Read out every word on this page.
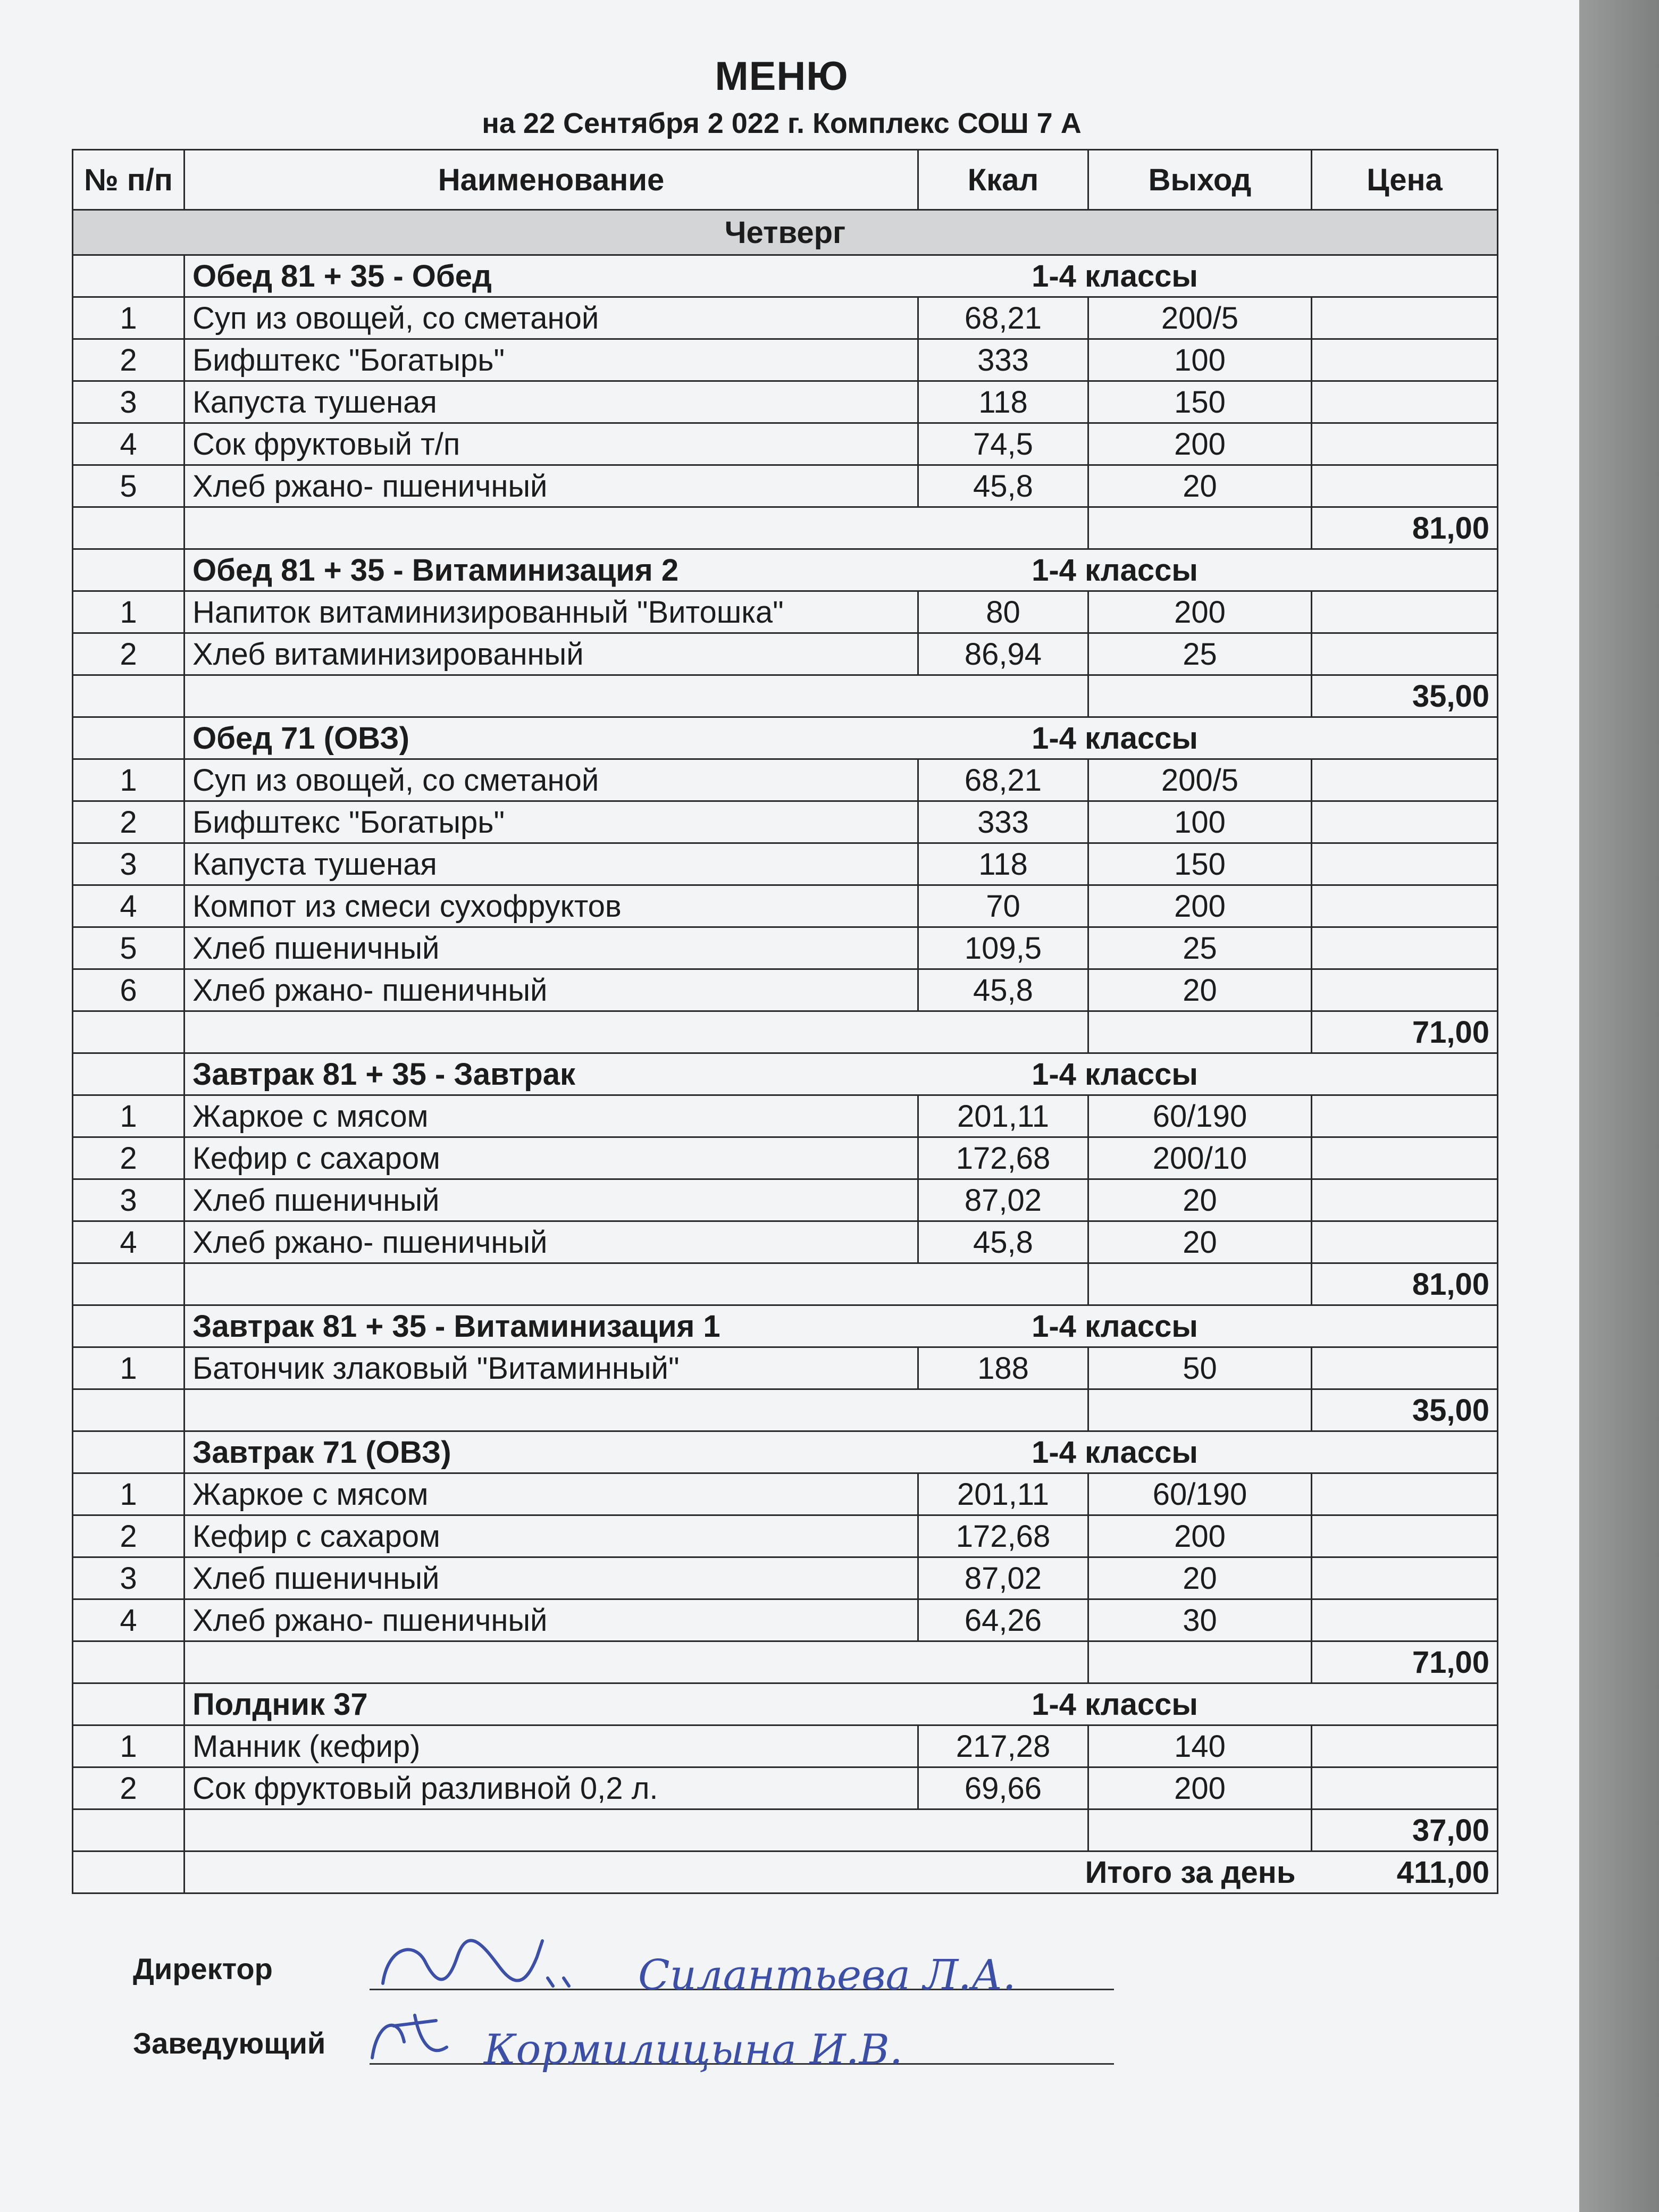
МЕНЮ
на 22 Сентября 2 022 г. Комплекс СОШ 7 А
№ п/п	Наименование	Ккал	Выход	Цена
Четверг				
	Обед 81 + 35 - Обед	1-4 классы		
1	Суп из овощей, со сметаной	68,21	200/5	
2	Бифштекс "Богатырь"	333	100	
3	Капуста тушеная	118	150	
4	Сок фруктовый т/п	74,5	200	
5	Хлеб ржано- пшеничный	45,8	20	
				81,00
	Обед 81 + 35 - Витаминизация 2	1-4 классы		
1	Напиток витаминизированный "Витошка"	80	200	
2	Хлеб витаминизированный	86,94	25	
				35,00
	Обед 71 (ОВЗ)	1-4 классы		
1	Суп из овощей, со сметаной	68,21	200/5	
2	Бифштекс "Богатырь"	333	100	
3	Капуста тушеная	118	150	
4	Компот из смеси сухофруктов	70	200	
5	Хлеб пшеничный	109,5	25	
6	Хлеб ржано- пшеничный	45,8	20	
				71,00
	Завтрак 81 + 35 - Завтрак	1-4 классы		
1	Жаркое с мясом	201,11	60/190	
2	Кефир с сахаром	172,68	200/10	
3	Хлеб пшеничный	87,02	20	
4	Хлеб ржано- пшеничный	45,8	20	
				81,00
	Завтрак 81 + 35 - Витаминизация 1	1-4 классы		
1	Батончик злаковый "Витаминный"	188	50	
				35,00
	Завтрак 71 (ОВЗ)	1-4 классы		
1	Жаркое с мясом	201,11	60/190	
2	Кефир с сахаром	172,68	200	
3	Хлеб пшеничный	87,02	20	
4	Хлеб ржано- пшеничный	64,26	30	
				71,00
	Полдник 37	1-4 классы		
1	Манник (кефир)	217,28	140	
2	Сок фруктовый разливной 0,2 л.	69,66	200	
				37,00
	Итого за день			411,00
Директор	Силантьева Л.А.
Заведующий	Кормилицына И.В.
